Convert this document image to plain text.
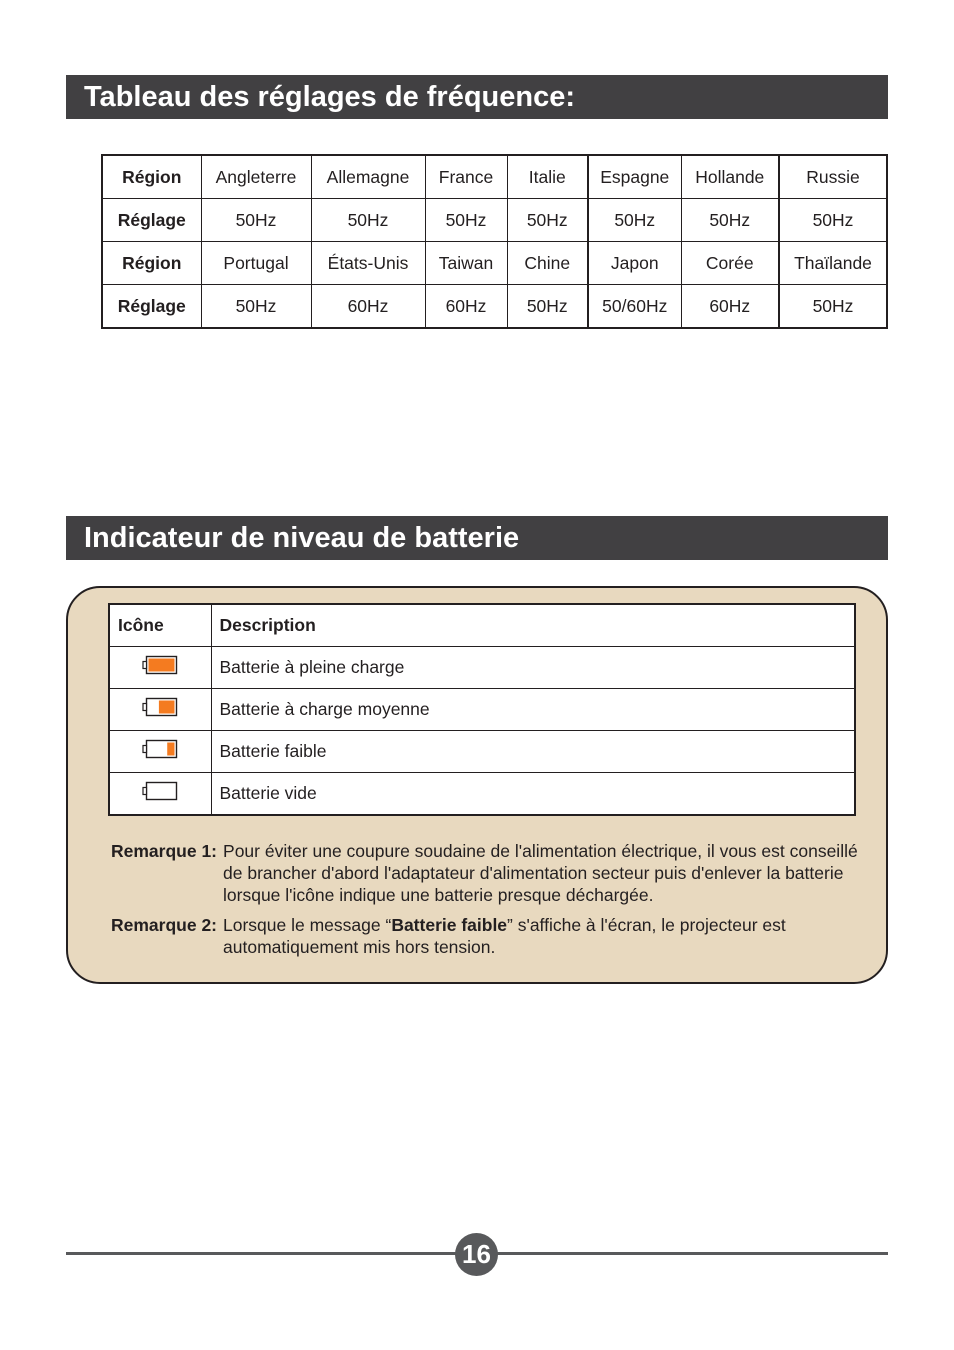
Tableau des réglages de fréquence:
Région	Angleterre	Allemagne	France	Italie	Espagne	Hollande	Russie
Réglage	50Hz	50Hz	50Hz	50Hz	50Hz	50Hz	50Hz
Région	Portugal	États-Unis	Taiwan	Chine	Japon	Corée	Thaïlande
Réglage	50Hz	60Hz	60Hz	50Hz	50/60Hz	60Hz	50Hz
Indicateur de niveau de batterie
Icône	Description
	Batterie à pleine charge
	Batterie à charge moyenne
	Batterie faible
	Batterie vide
Remarque 1: Pour éviter une coupure soudaine de l'alimentation électrique, il vous est conseillé de brancher d'abord l'adaptateur d'alimentation secteur puis d'enlever la batterie lorsque l'icône indique une batterie presque déchargée.
Remarque 2: Lorsque le message “Batterie faible” s'affiche à l'écran, le projecteur est automatiquement mis hors tension.
16
